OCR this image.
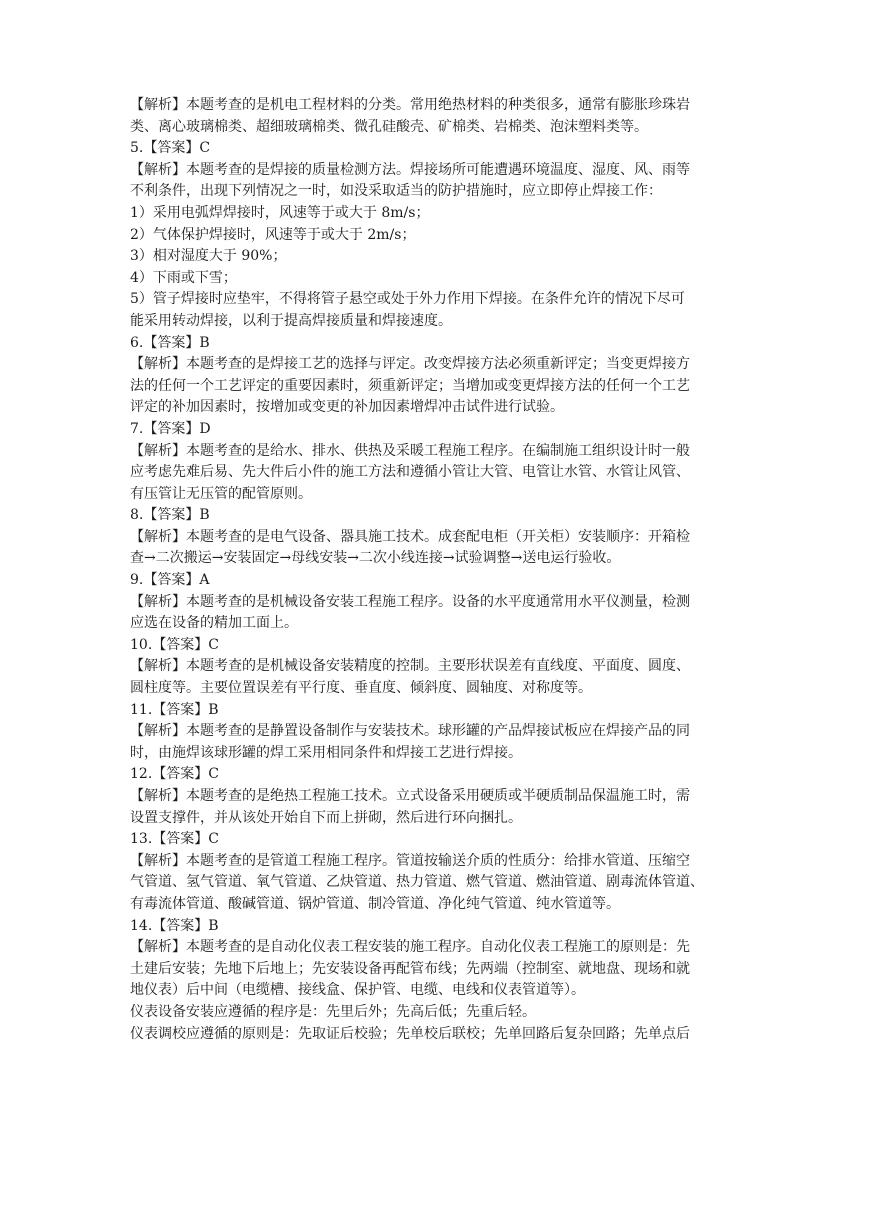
【解析】本题考查的是机电工程材料的分类。常用绝热材料的种类很多，通常有膨胀珍珠岩
类、离心玻璃棉类、超细玻璃棉类、微孔硅酸壳、矿棉类、岩棉类、泡沫塑料类等。
5.【答案】C
【解析】本题考查的是焊接的质量检测方法。焊接场所可能遭遇环境温度、湿度、风、雨等
不利条件，出现下列情况之一时，如没采取适当的防护措施时，应立即停止焊接工作：
1）采用电弧焊焊接时，风速等于或大于 8m/s；
2）气体保护焊接时，风速等于或大于 2m/s；
3）相对湿度大于 90%；
4）下雨或下雪；
5）管子焊接时应垫牢，不得将管子悬空或处于外力作用下焊接。在条件允许的情况下尽可
能采用转动焊接，以利于提高焊接质量和焊接速度。
6.【答案】B
【解析】本题考查的是焊接工艺的选择与评定。改变焊接方法必须重新评定；当变更焊接方
法的任何一个工艺评定的重要因素时，须重新评定；当增加或变更焊接方法的任何一个工艺
评定的补加因素时，按增加或变更的补加因素增焊冲击试件进行试验。
7.【答案】D
【解析】本题考查的是给水、排水、供热及采暖工程施工程序。在编制施工组织设计时一般
应考虑先难后易、先大件后小件的施工方法和遵循小管让大管、电管让水管、水管让风管、
有压管让无压管的配管原则。
8.【答案】B
【解析】本题考查的是电气设备、器具施工技术。成套配电柜（开关柜）安装顺序：开箱检
查→二次搬运→安装固定→母线安装→二次小线连接→试验调整→送电运行验收。
9.【答案】A
【解析】本题考查的是机械设备安装工程施工程序。设备的水平度通常用水平仪测量，检测
应选在设备的精加工面上。
10.【答案】C
【解析】本题考查的是机械设备安装精度的控制。主要形状误差有直线度、平面度、圆度、
圆柱度等。主要位置误差有平行度、垂直度、倾斜度、圆轴度、对称度等。
11.【答案】B
【解析】本题考查的是静置设备制作与安装技术。球形罐的产品焊接试板应在焊接产品的同
时，由施焊该球形罐的焊工采用相同条件和焊接工艺进行焊接。
12.【答案】C
【解析】本题考查的是绝热工程施工技术。立式设备采用硬质或半硬质制品保温施工时，需
设置支撑件，并从该处开始自下而上拼砌，然后进行环向捆扎。
13.【答案】C
【解析】本题考查的是管道工程施工程序。管道按输送介质的性质分：给排水管道、压缩空
气管道、氢气管道、氧气管道、乙炔管道、热力管道、燃气管道、燃油管道、剧毒流体管道、
有毒流体管道、酸碱管道、锅炉管道、制冷管道、净化纯气管道、纯水管道等。
14.【答案】B
【解析】本题考查的是自动化仪表工程安装的施工程序。自动化仪表工程施工的原则是：先
土建后安装；先地下后地上；先安装设备再配管布线；先两端（控制室、就地盘、现场和就
地仪表）后中间（电缆槽、接线盒、保护管、电缆、电线和仪表管道等）。
仪表设备安装应遵循的程序是：先里后外；先高后低；先重后轻。
仪表调校应遵循的原则是：先取证后校验；先单校后联校；先单回路后复杂回路；先单点后
